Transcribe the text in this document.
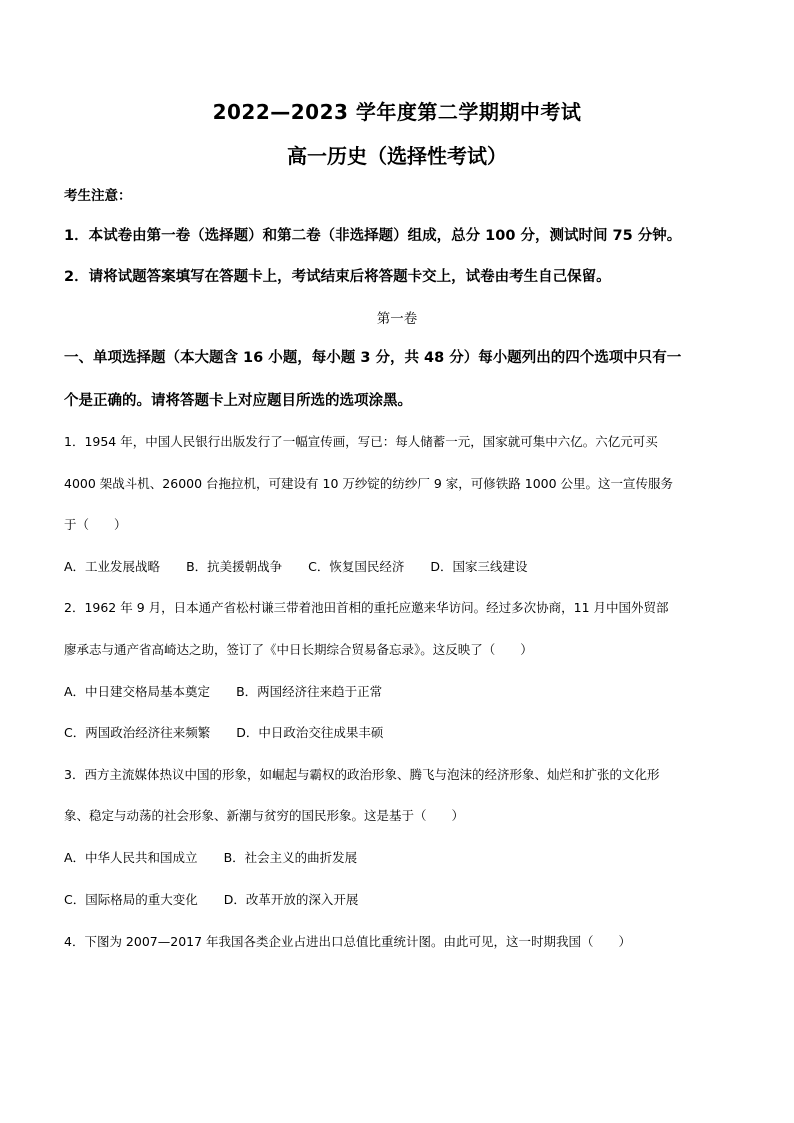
2022—2023 学年度第二学期期中考试
高一历史（选择性考试）
考生注意：
1．本试卷由第一卷（选择题）和第二卷（非选择题）组成，总分 100 分，测试时间 75 分钟。
2．请将试题答案填写在答题卡上，考试结束后将答题卡交上，试卷由考生自己保留。
第一卷
一、单项选择题（本大题含 16 小题，每小题 3 分，共 48 分）每小题列出的四个选项中只有一
个是正确的。请将答题卡上对应题目所选的选项涂黑。
1．1954 年，中国人民银行出版发行了一幅宣传画，写已：每人储蓄一元，国家就可集中六亿。六亿元可买
4000 架战斗机、26000 台拖拉机，可建设有 10 万纱锭的纺纱厂 9 家，可修铁路 1000 公里。这一宣传服务
于（　　）
A．工业发展战略 B．抗美援朝战争 C．恢复国民经济 D．国家三线建设
2．1962 年 9 月，日本通产省松村谦三带着池田首相的重托应邀来华访问。经过多次协商，11 月中国外贸部
廖承志与通产省高崎达之助，签订了《中日长期综合贸易备忘录》。这反映了（　　）
A．中日建交格局基本奠定 B．两国经济往来趋于正常
C．两国政治经济往来频繁 D．中日政治交往成果丰硕
3．西方主流媒体热议中国的形象，如崛起与霸权的政治形象、腾飞与泡沫的经济形象、灿烂和扩张的文化形
象、稳定与动荡的社会形象、新潮与贫穷的国民形象。这是基于（　　）
A．中华人民共和国成立 B．社会主义的曲折发展
C．国际格局的重大变化 D．改革开放的深入开展
4．下图为 2007—2017 年我国各类企业占进出口总值比重统计图。由此可见，这一时期我国（　　）
